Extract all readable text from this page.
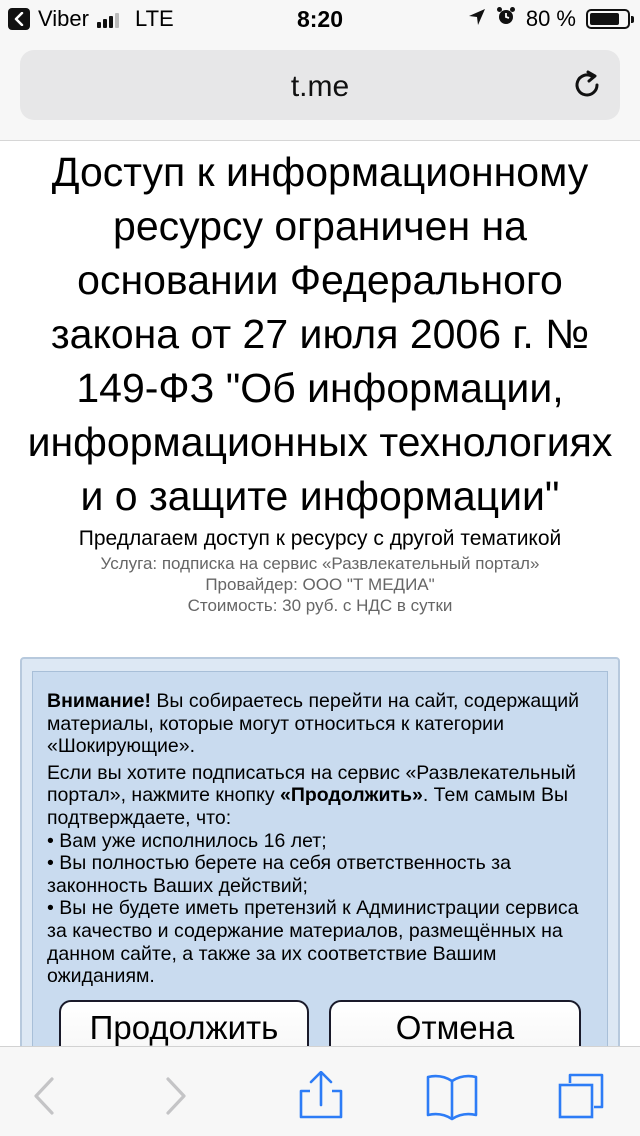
Viber LTE	8:20	80 %
t.me
Доступ к информационному ресурсу ограничен на основании Федерального закона от 27 июля 2006 г. № 149-ФЗ "Об информации, информационных технологиях и о защите информации"
Предлагаем доступ к ресурсу с другой тематикой
Услуга: подписка на сервис «Развлекательный портал»
Провайдер: ООО "Т МЕДИА"
Стоимость: 30 руб. с НДС в сутки

Внимание! Вы собираетесь перейти на сайт, содержащий материалы, которые могут относиться к категории «Шокирующие».

Если вы хотите подписаться на сервис «Развлекательный портал», нажмите кнопку «Продолжить». Тем самым Вы подтверждаете, что:

• Вам уже исполнилось 16 лет;
• Вы полностью берете на себя ответственность за законность Ваших действий;
• Вы не будете иметь претензий к Администрации сервиса за качество и содержание материалов, размещённых на данном сайте, а также за их соответствие Вашим ожиданиям.
Продолжить	Отмена
